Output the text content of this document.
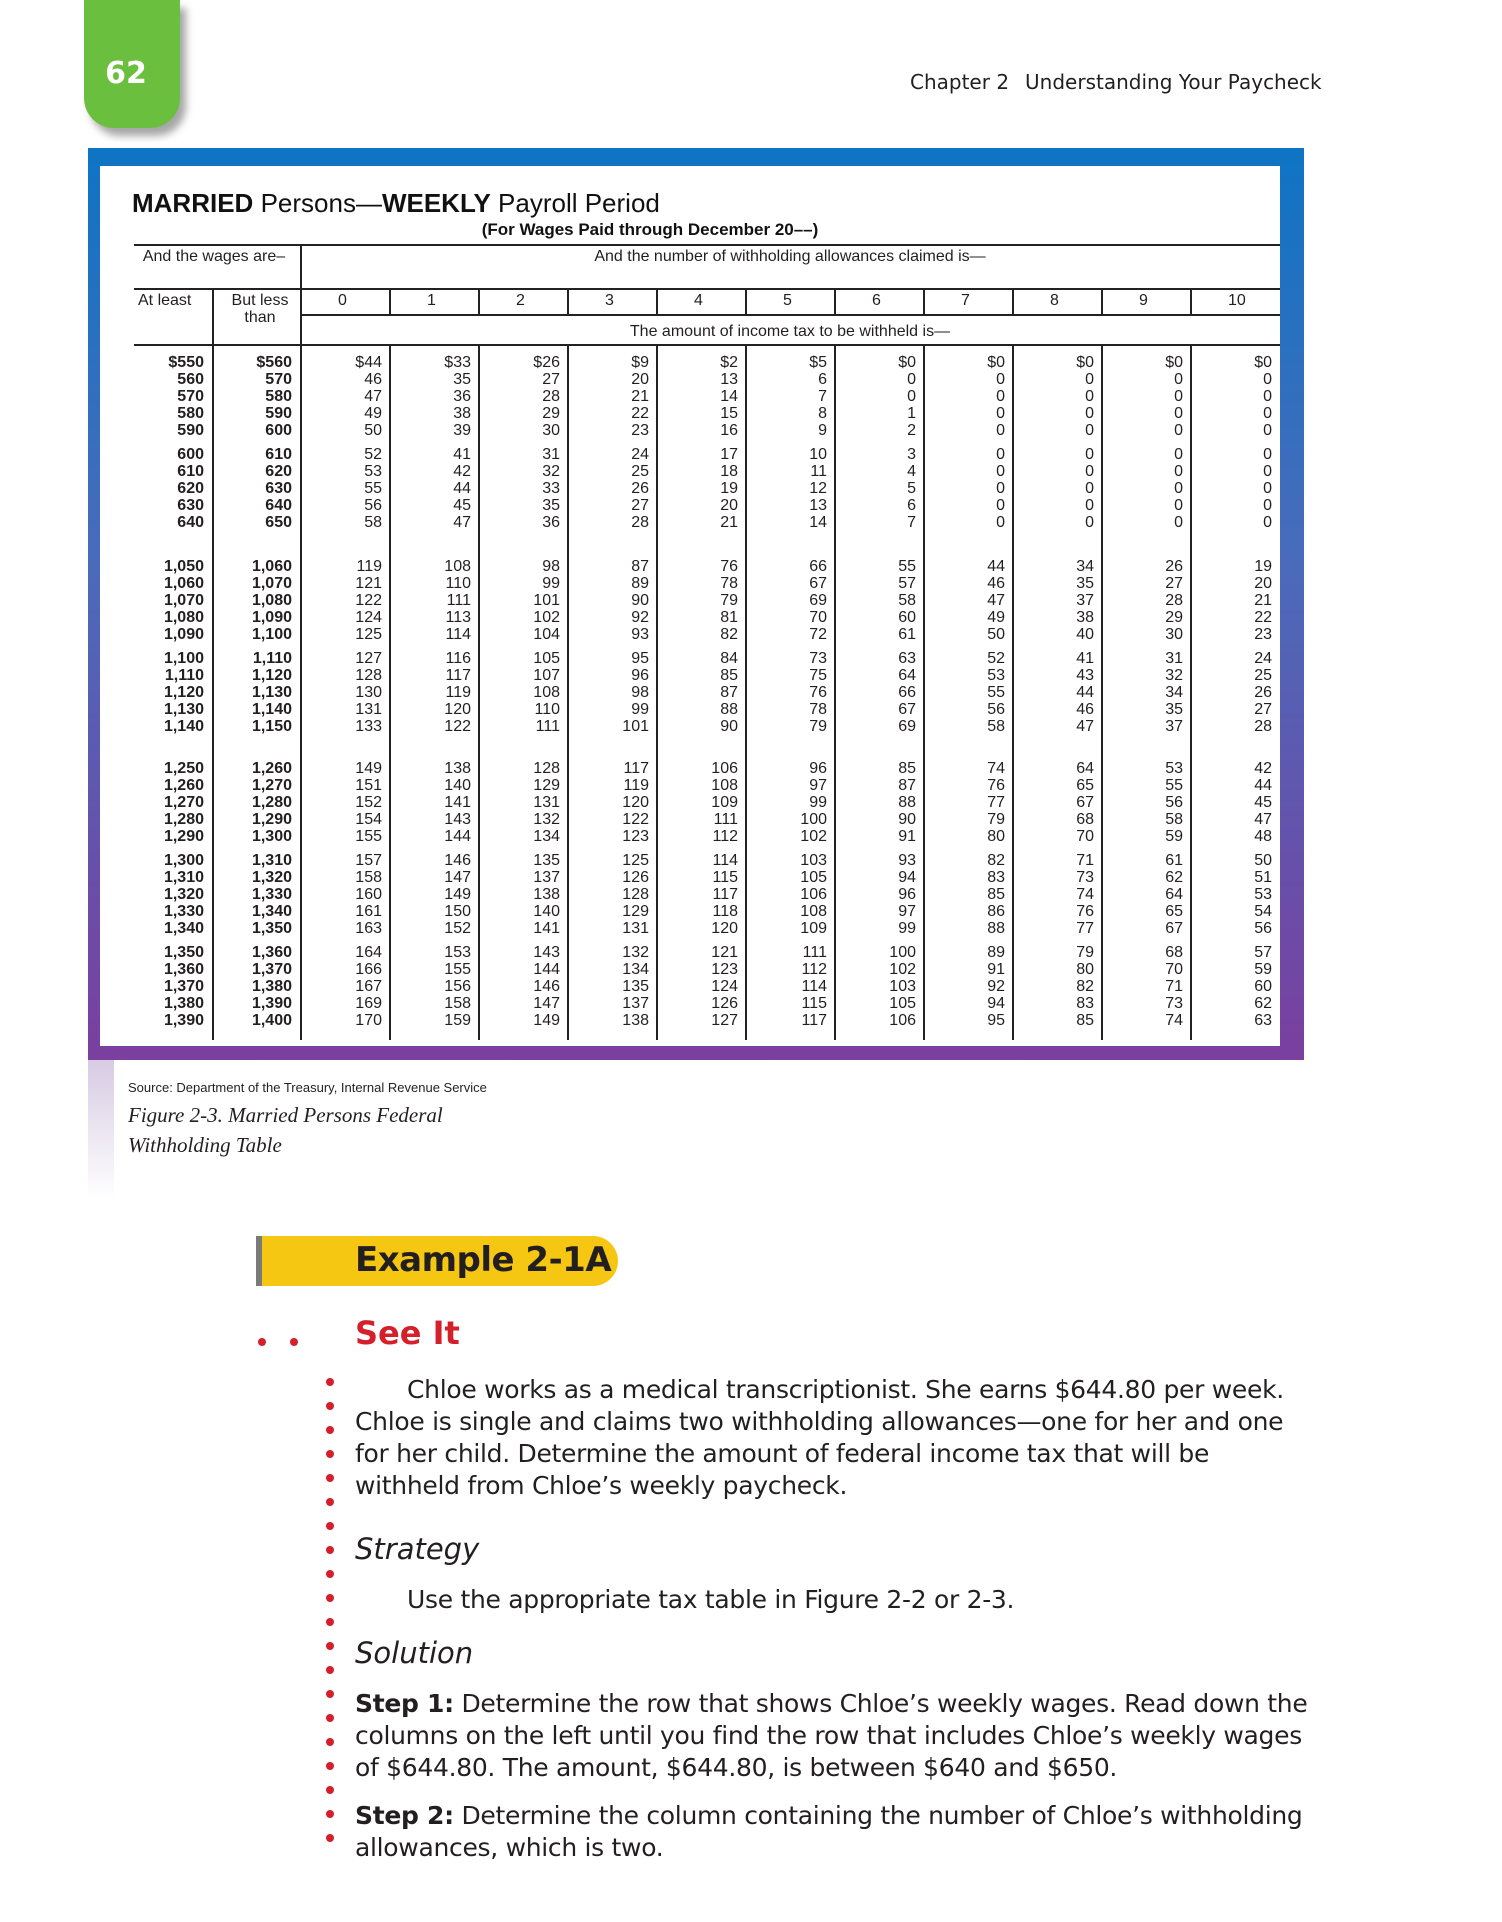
62	Chapter 2 Understanding Your Paycheck
MARRIED Persons—WEEKLY Payroll Period
(For Wages Paid through December 20––)
And the wages are–	And the number of withholding allowances claimed is—
At least	But less than
0	1	2	3	4	5	6	7	8	9	10
The amount of income tax to be withheld is—
$550	$560	$44	$33	$26	$9	$2	$5	$0	$0	$0	$0	$0
560	570	46	35	27	20	13	6	0	0	0	0	0
570	580	47	36	28	21	14	7	0	0	0	0	0
580	590	49	38	29	22	15	8	1	0	0	0	0
590	600	50	39	30	23	16	9	2	0	0	0	0
600	610	52	41	31	24	17	10	3	0	0	0	0
610	620	53	42	32	25	18	11	4	0	0	0	0
620	630	55	44	33	26	19	12	5	0	0	0	0
630	640	56	45	35	27	20	13	6	0	0	0	0
640	650	58	47	36	28	21	14	7	0	0	0	0
1,050	1,060	119	108	98	87	76	66	55	44	34	26	19
1,060	1,070	121	110	99	89	78	67	57	46	35	27	20
1,070	1,080	122	111	101	90	79	69	58	47	37	28	21
1,080	1,090	124	113	102	92	81	70	60	49	38	29	22
1,090	1,100	125	114	104	93	82	72	61	50	40	30	23
1,100	1,110	127	116	105	95	84	73	63	52	41	31	24
1,110	1,120	128	117	107	96	85	75	64	53	43	32	25
1,120	1,130	130	119	108	98	87	76	66	55	44	34	26
1,130	1,140	131	120	110	99	88	78	67	56	46	35	27
1,140	1,150	133	122	111	101	90	79	69	58	47	37	28
1,250	1,260	149	138	128	117	106	96	85	74	64	53	42
1,260	1,270	151	140	129	119	108	97	87	76	65	55	44
1,270	1,280	152	141	131	120	109	99	88	77	67	56	45
1,280	1,290	154	143	132	122	111	100	90	79	68	58	47
1,290	1,300	155	144	134	123	112	102	91	80	70	59	48
1,300	1,310	157	146	135	125	114	103	93	82	71	61	50
1,310	1,320	158	147	137	126	115	105	94	83	73	62	51
1,320	1,330	160	149	138	128	117	106	96	85	74	64	53
1,330	1,340	161	150	140	129	118	108	97	86	76	65	54
1,340	1,350	163	152	141	131	120	109	99	88	77	67	56
1,350	1,360	164	153	143	132	121	111	100	89	79	68	57
1,360	1,370	166	155	144	134	123	112	102	91	80	70	59
1,370	1,380	167	156	146	135	124	114	103	92	82	71	60
1,380	1,390	169	158	147	137	126	115	105	94	83	73	62
1,390	1,400	170	159	149	138	127	117	106	95	85	74	63
Source: Department of the Treasury, Internal Revenue Service
Figure 2-3. Married Persons Federal Withholding Table
Example 2-1A
See It
Chloe works as a medical transcriptionist. She earns $644.80 per week. Chloe is single and claims two withholding allowances—one for her and one for her child. Determine the amount of federal income tax that will be withheld from Chloe’s weekly paycheck.
Strategy
Use the appropriate tax table in Figure 2-2 or 2-3.
Solution
Step 1: Determine the row that shows Chloe’s weekly wages. Read down the columns on the left until you find the row that includes Chloe’s weekly wages of $644.80. The amount, $644.80, is between $640 and $650.
Step 2: Determine the column containing the number of Chloe’s withholding allowances, which is two.
